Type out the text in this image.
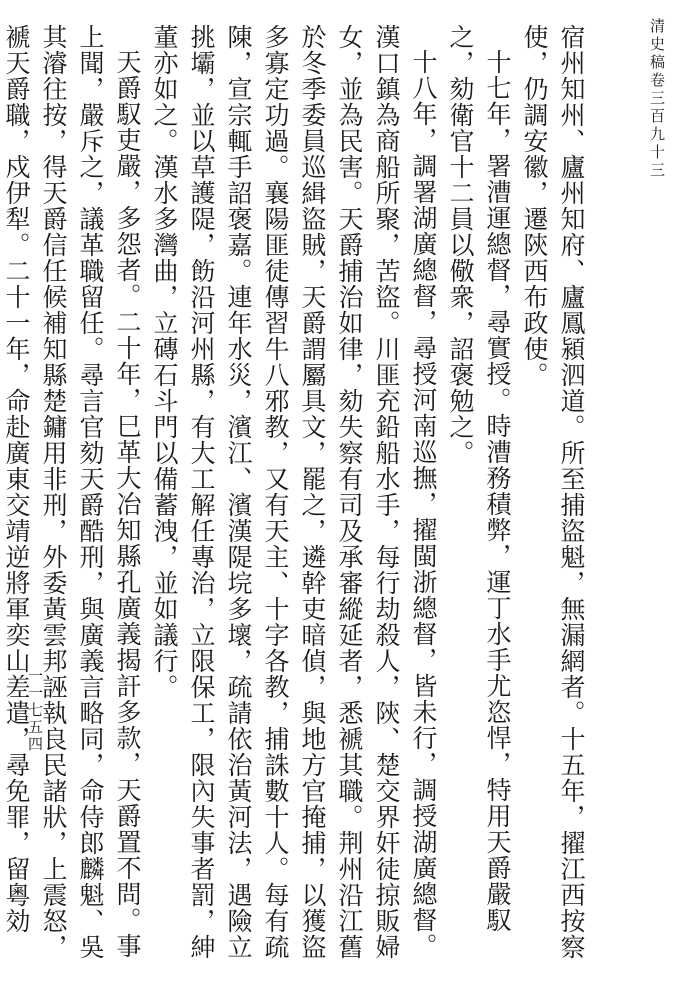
清史稿卷三百九十三

宿州知州、廬州知府、廬鳳潁泗道。所至捕盜魁，無漏網者。十五年，擢江西按察使，仍調安徽，遷陝西布政使。

十七年，署漕運總督，尋實授。時漕務積弊，運丁水手尤恣悍，特用天爵嚴馭之，劾衛官十二員以儆衆，詔褒勉之。

十八年，調署湖廣總督，尋授河南巡撫，擢閩浙總督，皆未行，調授湖廣總督。漢口鎮為商船所聚，苦盜。川匪充鉛船水手，每行劫殺人，陝、楚交界奸徒掠販婦女，並為民害。天爵捕治如律，劾失察有司及承審縱延者，悉褫其職。荆州沿江舊於冬季委員巡緝盜賊，天爵謂屬具文，罷之，遴幹吏暗偵，與地方官掩捕，以獲盜多寡定功過。襄陽匪徒傳習牛八邪教，又有天主、十字各教，捕誅數十人。每有疏陳，宣宗輒手詔褒嘉。連年水災，濱江、濱漢隄垸多壞，疏請依治黃河法，遇險立挑壩，並以草護隄，飭沿河州縣，有大工解任專治，立限保工，限內失事者罰，紳董亦如之。漢水多灣曲，立磚石斗門以備蓄洩，並如議行。

天爵馭吏嚴，多怨者。二十年，巳革大冶知縣孔廣義揭訐多款，天爵置不問。事上聞，嚴斥之，議革職留任。尋言官劾天爵酷刑，與廣義言略同，命侍郎麟魁、吳其濬往按，得天爵信任候補知縣楚鏞用非刑，外委黃雲邦誣執良民諸狀，上震怒，褫天爵職，戍伊犁。二十一年，命赴廣東交靖逆將軍奕山差遣，尋免罪，留粵効

一一七五四
